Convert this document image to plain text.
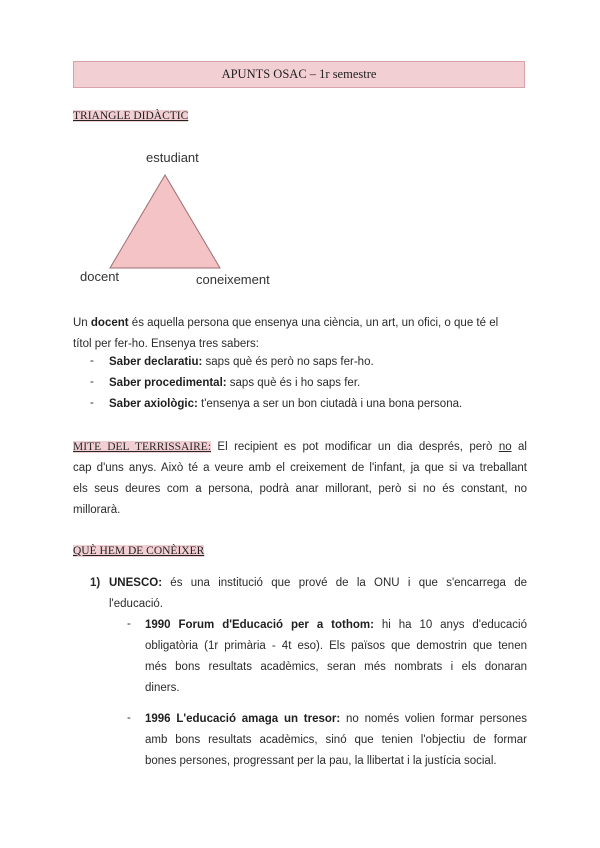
APUNTS OSAC – 1r semestre
TRIANGLE DIDÀCTIC
estudiant
docent	coneixement

Un docent és aquella persona que ensenya una ciència, un art, un ofici, o que té el
títol per fer-ho. Ensenya tres sabers:

- Saber declaratiu: saps què és però no saps fer-ho.
- Saber procedimental: saps què és i ho saps fer.
- Saber axiològic: t'ensenya a ser un bon ciutadà i una bona persona.
MITE DEL TERRISSAIRE: El recipient es pot modificar un dia després, però no al
cap d'uns anys. Això té a veure amb el creixement de l'infant, ja que si va treballant
els seus deures com a persona, podrà anar millorant, però si no és constant, no
millorarà.
QUÈ HEM DE CONÈIXER
1) UNESCO: és una institució que prové de la ONU i que s'encarrega de
l'educació.
- 1990 Forum d'Educació per a tothom: hi ha 10 anys d'educació
obligatòria (1r primària - 4t eso). Els països que demostrin que tenen
més bons resultats acadèmics, seran més nombrats i els donaran
diners.
- 1996 L'educació amaga un tresor: no només volien formar persones
amb bons resultats acadèmics, sinó que tenien l'objectiu de formar
bones persones, progressant per la pau, la llibertat i la justícia social.
